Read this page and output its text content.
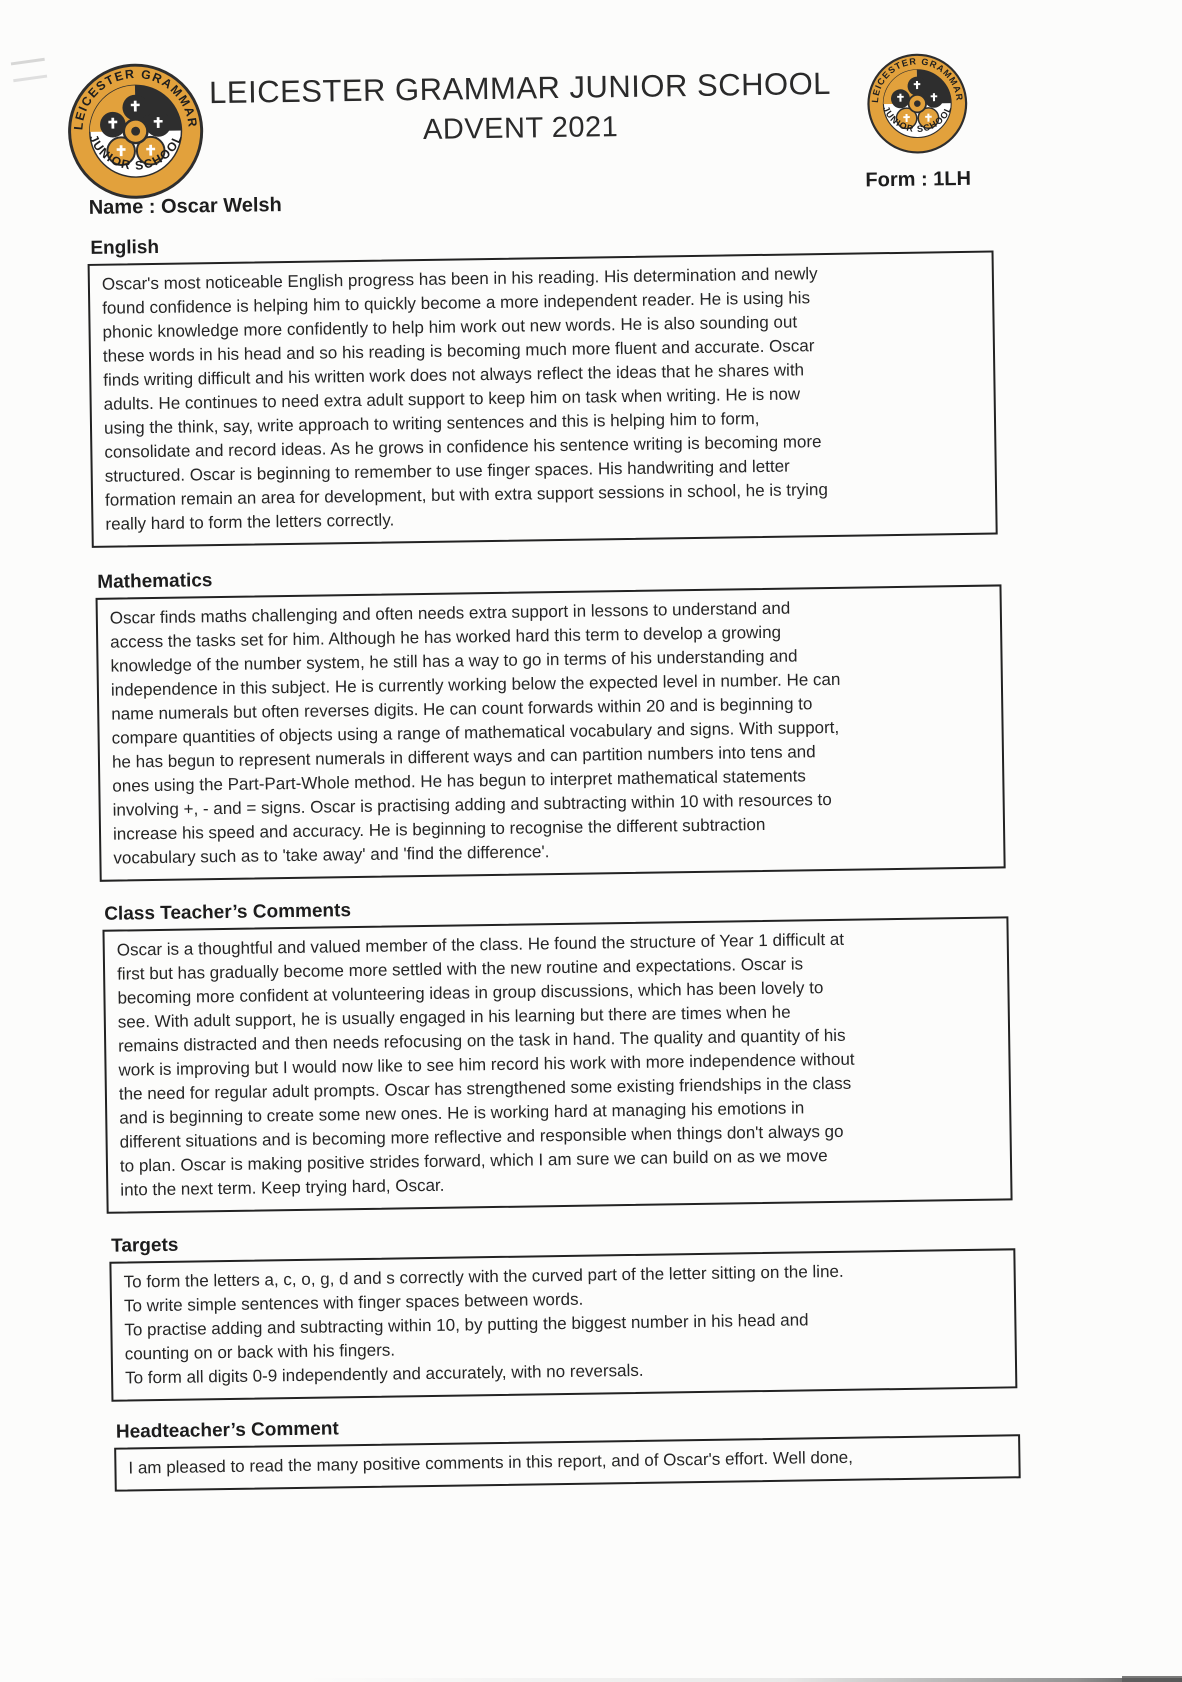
LEICESTER GRAMMAR JUNIOR SCHOOL
ADVENT 2021
Form : 1LH
Name : Oscar Welsh
English
Oscar's most noticeable English progress has been in his reading. His determination and newly
found confidence is helping him to quickly become a more independent reader. He is using his
phonic knowledge more confidently to help him work out new words. He is also sounding out
these words in his head and so his reading is becoming much more fluent and accurate. Oscar
finds writing difficult and his written work does not always reflect the ideas that he shares with
adults. He continues to need extra adult support to keep him on task when writing. He is now
using the think, say, write approach to writing sentences and this is helping him to form,
consolidate and record ideas. As he grows in confidence his sentence writing is becoming more
structured. Oscar is beginning to remember to use finger spaces. His handwriting and letter
formation remain an area for development, but with extra support sessions in school, he is trying
really hard to form the letters correctly.
Mathematics
Oscar finds maths challenging and often needs extra support in lessons to understand and
access the tasks set for him. Although he has worked hard this term to develop a growing
knowledge of the number system, he still has a way to go in terms of his understanding and
independence in this subject. He is currently working below the expected level in number. He can
name numerals but often reverses digits. He can count forwards within 20 and is beginning to
compare quantities of objects using a range of mathematical vocabulary and signs. With support,
he has begun to represent numerals in different ways and can partition numbers into tens and
ones using the Part-Part-Whole method. He has begun to interpret mathematical statements
involving +, - and = signs. Oscar is practising adding and subtracting within 10 with resources to
increase his speed and accuracy. He is beginning to recognise the different subtraction
vocabulary such as to 'take away' and 'find the difference'.
Class Teacher’s Comments
Oscar is a thoughtful and valued member of the class. He found the structure of Year 1 difficult at
first but has gradually become more settled with the new routine and expectations. Oscar is
becoming more confident at volunteering ideas in group discussions, which has been lovely to
see. With adult support, he is usually engaged in his learning but there are times when he
remains distracted and then needs refocusing on the task in hand. The quality and quantity of his
work is improving but I would now like to see him record his work with more independence without
the need for regular adult prompts. Oscar has strengthened some existing friendships in the class
and is beginning to create some new ones. He is working hard at managing his emotions in
different situations and is becoming more reflective and responsible when things don't always go
to plan. Oscar is making positive strides forward, which I am sure we can build on as we move
into the next term. Keep trying hard, Oscar.
Targets
To form the letters a, c, o, g, d and s correctly with the curved part of the letter sitting on the line.
To write simple sentences with finger spaces between words.
To practise adding and subtracting within 10, by putting the biggest number in his head and
counting on or back with his fingers.
To form all digits 0-9 independently and accurately, with no reversals.
Headteacher’s Comment
I am pleased to read the many positive comments in this report, and of Oscar's effort. Well done,
